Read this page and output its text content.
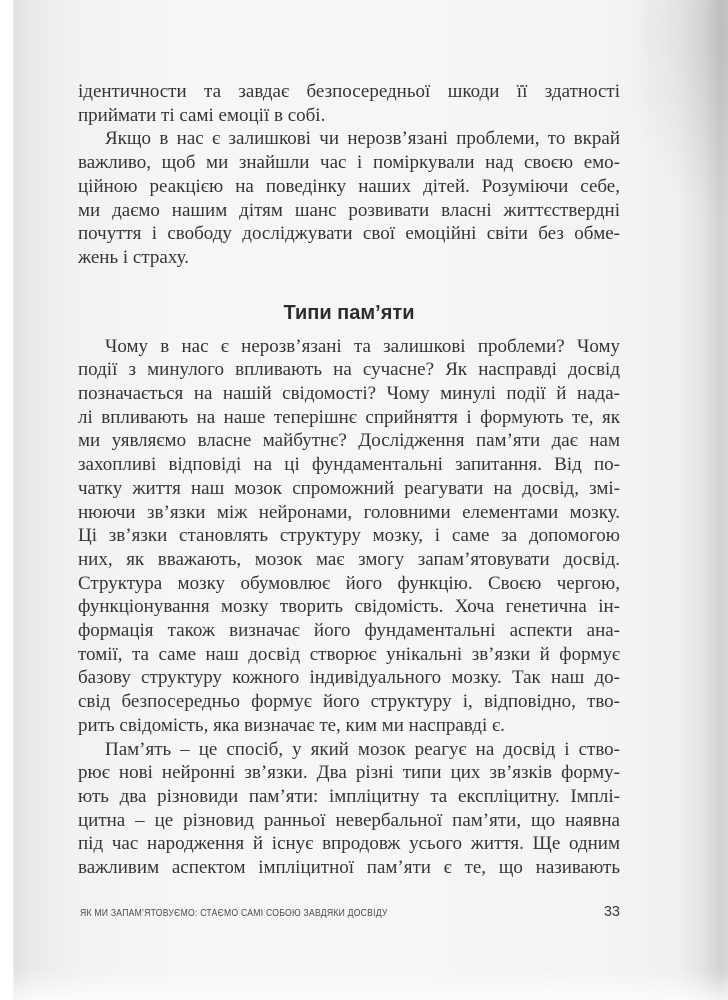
ідентичности та завдає безпосередньої шкоди її здатності
приймати ті самі емоції в собі.
Якщо в нас є залишкові чи нерозв’язані проблеми, то вкрай
важливо, щоб ми знайшли час і поміркували над своєю емо-
ційною реакцією на поведінку наших дітей. Розуміючи себе,
ми даємо нашим дітям шанс розвивати власні життєствердні
почуття і свободу досліджувати свої емоційні світи без обме-
жень і страху.
Типи пам’яти
Чому в нас є нерозв’язані та залишкові проблеми? Чому
події з минулого впливають на сучасне? Як насправді досвід
позначається на нашій свідомості? Чому минулі події й нада-
лі впливають на наше теперішнє сприйняття і формують те, як
ми уявляємо власне майбутнє? Дослідження пам’яти дає нам
захопливі відповіді на ці фундаментальні запитання. Від по-
чатку життя наш мозок спроможний реагувати на досвід, змі-
нюючи зв’язки між нейронами, головними елементами мозку.
Ці зв’язки становлять структуру мозку, і саме за допомогою
них, як вважають, мозок має змогу запам’ятовувати досвід.
Структура мозку обумовлює його функцію. Своєю чергою,
функціонування мозку творить свідомість. Хоча генетична ін-
формація також визначає його фундаментальні аспекти ана-
томії, та саме наш досвід створює унікальні зв’язки й формує
базову структуру кожного індивідуального мозку. Так наш до-
свід безпосередньо формує його структуру і, відповідно, тво-
рить свідомість, яка визначає те, ким ми насправді є.
Пам’ять – це спосіб, у який мозок реагує на досвід і ство-
рює нові нейронні зв’язки. Два різні типи цих зв’язків форму-
ють два різновиди пам’яти: імпліцитну та експліцитну. Імплі-
цитна – це різновид ранньої невербальної пам’яти, що наявна
під час народження й існує впродовж усього життя. Ще одним
важливим аспектом імпліцитної пам’яти є те, що називають
ЯК МИ ЗАПАМ’ЯТОВУЄМО: СТАЄМО САМІ СОБОЮ ЗАВДЯКИ ДОСВІДУ	33
